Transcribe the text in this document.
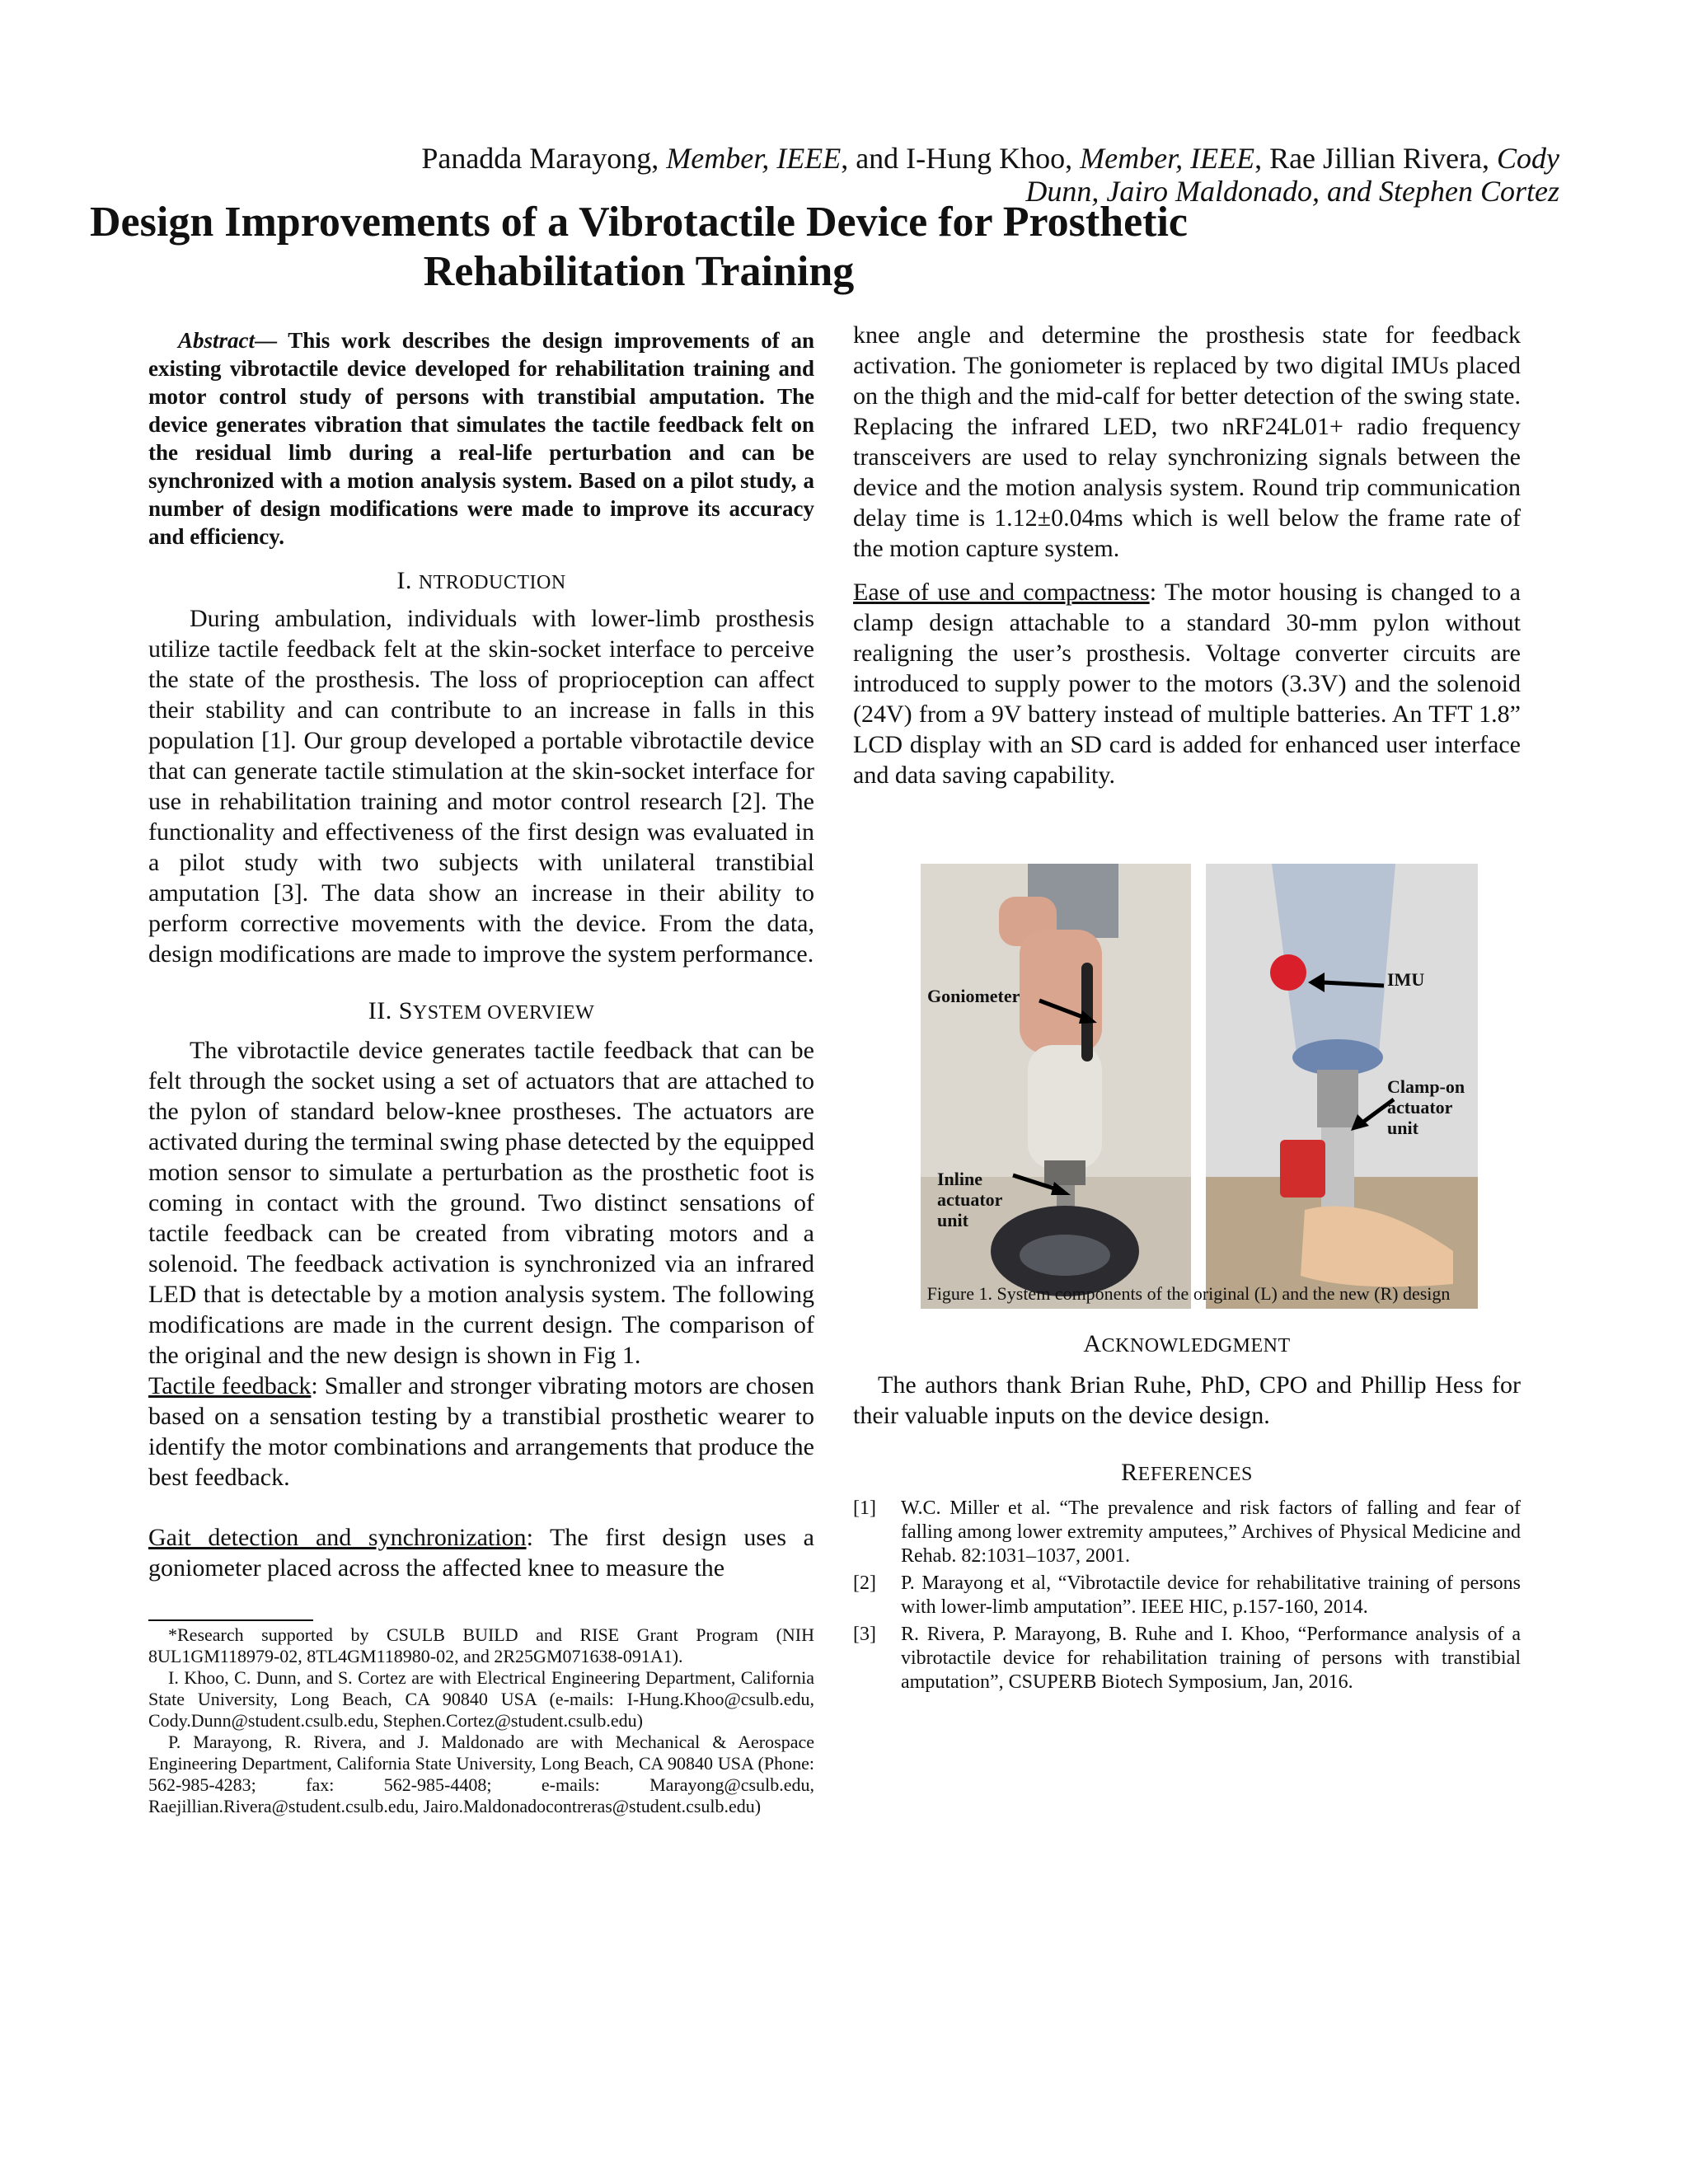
Panadda Marayong, Member, IEEE, and I-Hung Khoo, Member, IEEE, Rae Jillian Rivera, Cody Dunn, Jairo Maldonado, and Stephen Cortez
Design Improvements of a Vibrotactile Device for Prosthetic Rehabilitation Training

Abstract— This work describes the design improvements of an existing vibrotactile device developed for rehabilitation training and motor control study of persons with transtibial amputation. The device generates vibration that simulates the tactile feedback felt on the residual limb during a real-life perturbation and can be synchronized with a motion analysis system. Based on a pilot study, a number of design modifications were made to improve its accuracy and efficiency.

I. NTRODUCTION

During ambulation, individuals with lower-limb prosthesis utilize tactile feedback felt at the skin-socket interface to perceive the state of the prosthesis. The loss of proprioception can affect their stability and can contribute to an increase in falls in this population [1]. Our group developed a portable vibrotactile device that can generate tactile stimulation at the skin-socket interface for use in rehabilitation training and motor control research [2]. The functionality and effectiveness of the first design was evaluated in a pilot study with two subjects with unilateral transtibial amputation [3]. The data show an increase in their ability to perform corrective movements with the device. From the data, design modifications are made to improve the system performance.

II. SYSTEM OVERVIEW

The vibrotactile device generates tactile feedback that can be felt through the socket using a set of actuators that are attached to the pylon of standard below-knee prostheses. The actuators are activated during the terminal swing phase detected by the equipped motion sensor to simulate a perturbation as the prosthetic foot is coming in contact with the ground. Two distinct sensations of tactile feedback can be created from vibrating motors and a solenoid. The feedback activation is synchronized via an infrared LED that is detectable by a motion analysis system. The following modifications are made in the current design. The comparison of the original and the new design is shown in Fig 1.

Tactile feedback: Smaller and stronger vibrating motors are chosen based on a sensation testing by a transtibial prosthetic wearer to identify the motor combinations and arrangements that produce the best feedback.

Gait detection and synchronization: The first design uses a goniometer placed across the affected knee to measure the

*Research supported by CSULB BUILD and RISE Grant Program (NIH 8UL1GM118979-02, 8TL4GM118980-02, and 2R25GM071638-091A1).

I. Khoo, C. Dunn, and S. Cortez are with Electrical Engineering Department, California State University, Long Beach, CA 90840 USA (e-mails: I-Hung.Khoo@csulb.edu, Cody.Dunn@student.csulb.edu, Stephen.Cortez@student.csulb.edu)

P. Marayong, R. Rivera, and J. Maldonado are with Mechanical & Aerospace Engineering Department, California State University, Long Beach, CA 90840 USA (Phone: 562-985-4283; fax: 562-985-4408; e-mails: Marayong@csulb.edu, Raejillian.Rivera@student.csulb.edu, Jairo.Maldonadocontreras@student.csulb.edu)

knee angle and determine the prosthesis state for feedback activation. The goniometer is replaced by two digital IMUs placed on the thigh and the mid-calf for better detection of the swing state. Replacing the infrared LED, two nRF24L01+ radio frequency transceivers are used to relay synchronizing signals between the device and the motion analysis system. Round trip communication delay time is 1.12±0.04ms which is well below the frame rate of the motion capture system.

Ease of use and compactness: The motor housing is changed to a clamp design attachable to a standard 30-mm pylon without realigning the user’s prosthesis. Voltage converter circuits are introduced to supply power to the motors (3.3V) and the solenoid (24V) from a 9V battery instead of multiple batteries. An TFT 1.8” LCD display with an SD card is added for enhanced user interface and data saving capability.

Goniometer
Inline actuator unit
IMU
Clamp-on actuator unit
Figure 1. System components of the original (L) and the new (R) design
ACKNOWLEDGMENT

The authors thank Brian Ruhe, PhD, CPO and Phillip Hess for their valuable inputs on the device design.

REFERENCES
[1]	W.C. Miller et al. “The prevalence and risk factors of falling and fear of falling among lower extremity amputees,” Archives of Physical Medicine and Rehab. 82:1031–1037, 2001.
[2]	P. Marayong et al, “Vibrotactile device for rehabilitative training of persons with lower-limb amputation”. IEEE HIC, p.157-160, 2014.
[3]	R. Rivera, P. Marayong, B. Ruhe and I. Khoo, “Performance analysis of a vibrotactile device for rehabilitation training of persons with transtibial amputation”, CSUPERB Biotech Symposium, Jan, 2016.
